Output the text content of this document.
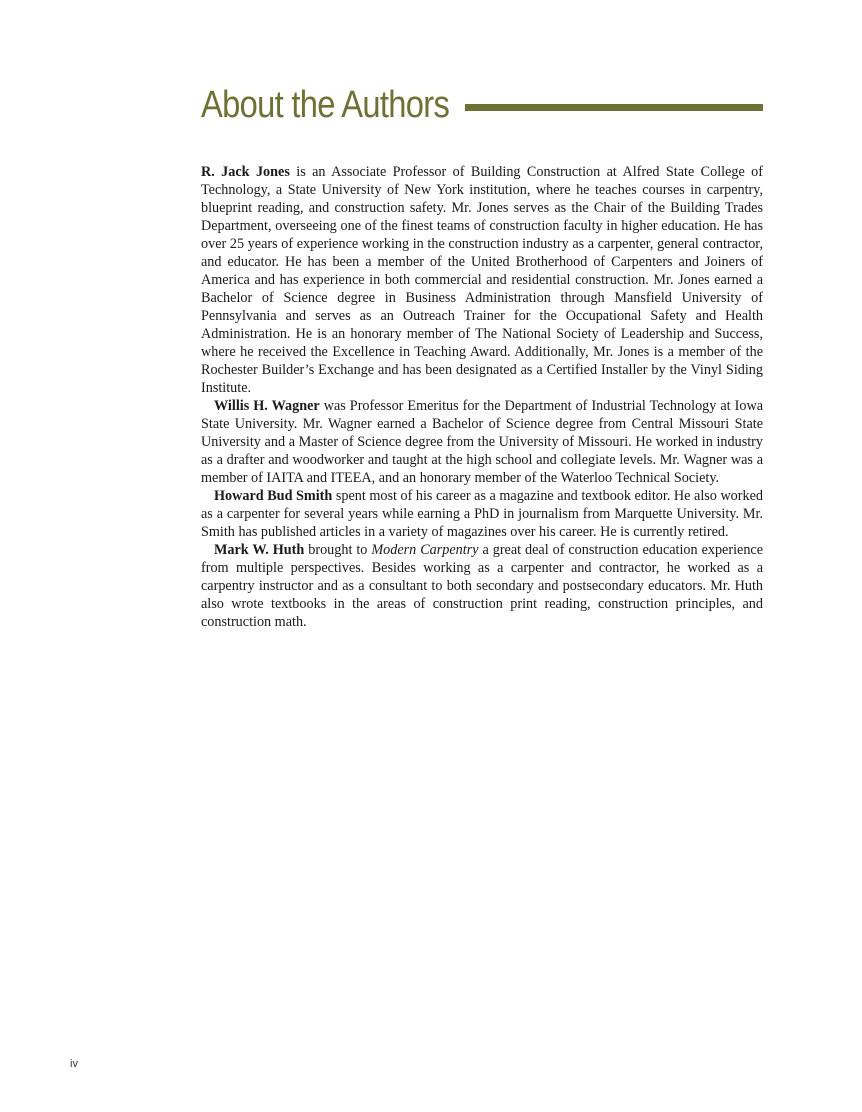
About the Authors

R. Jack Jones is an Associate Professor of Building Construction at Alfred State College of Technology, a State University of New York institution, where he teaches courses in carpentry, blueprint reading, and construction safety. Mr. Jones serves as the Chair of the Building Trades Department, overseeing one of the finest teams of construction faculty in higher education. He has over 25 years of experience working in the construction industry as a carpenter, general contractor, and educator. He has been a member of the United Brotherhood of Carpenters and Joiners of America and has experience in both commercial and residential construction. Mr. Jones earned a Bachelor of Science degree in Business Administration through Mansfield University of Pennsylvania and serves as an Outreach Trainer for the Occupational Safety and Health Administration. He is an honorary member of The National Society of Leadership and Success, where he received the Excellence in Teaching Award. Additionally, Mr. Jones is a member of the Rochester Builder’s Exchange and has been designated as a Certified Installer by the Vinyl Siding Institute.

Willis H. Wagner was Professor Emeritus for the Department of Industrial Technology at Iowa State University. Mr. Wagner earned a Bachelor of Science degree from Central Missouri State University and a Master of Science degree from the University of Missouri. He worked in industry as a drafter and woodworker and taught at the high school and collegiate levels. Mr. Wagner was a member of IAITA and ITEEA, and an honorary member of the Waterloo Technical Society.

Howard Bud Smith spent most of his career as a magazine and textbook editor. He also worked as a carpenter for several years while earning a PhD in journalism from Marquette University. Mr. Smith has published articles in a variety of magazines over his career. He is currently retired.

Mark W. Huth brought to Modern Carpentry a great deal of construction education experience from multiple perspectives. Besides working as a carpenter and contractor, he worked as a carpentry instructor and as a consultant to both secondary and postsecondary educators. Mr. Huth also wrote textbooks in the areas of construction print reading, construction principles, and construction math.

iv
